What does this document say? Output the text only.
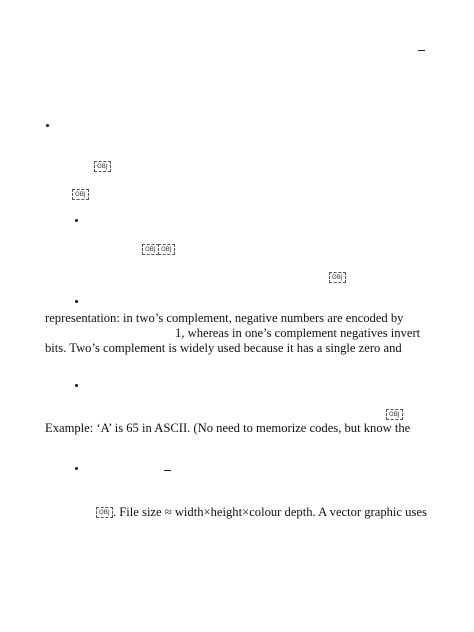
OBJ
OBJ
OBJ
OBJ
OBJ
representation: in two’s complement, negative numbers are encoded by
1, whereas in one’s complement negatives invert
bits. Two’s complement is widely used because it has a single zero and
OBJ
Example: ‘A’ is 65 in ASCII. (No need to memorize codes, but know the
OBJ
. File size ≈ width×height×colour depth. A vector graphic uses
